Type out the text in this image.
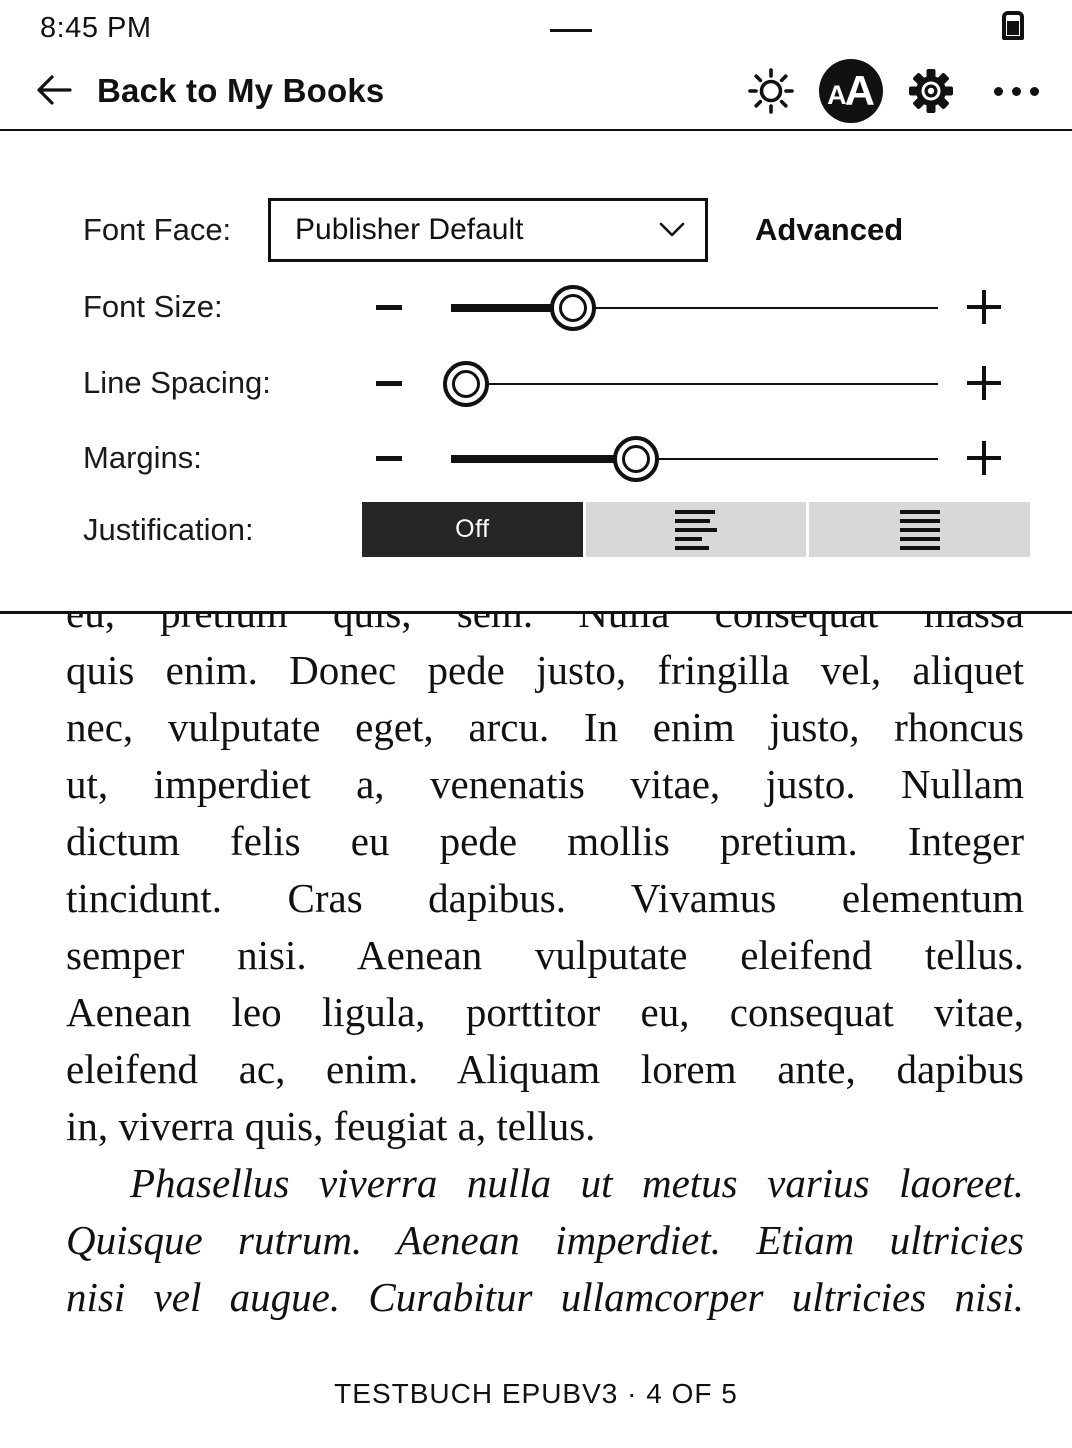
8:45 PM
Back to My Books	A
A
Font Face: Publisher Default	Advanced
Font Size:
Line Spacing:
Margins:
Justification:	Off
quis enim. Donec pede justo, fringilla vel, aliquet
nec, vulputate eget, arcu. In enim justo, rhoncus
ut, imperdiet a, venenatis vitae, justo. Nullam
dictum felis eu pede mollis pretium. Integer
tincidunt. Cras dapibus. Vivamus elementum
semper nisi. Aenean vulputate eleifend tellus.
Aenean leo ligula, porttitor eu, consequat vitae,
eleifend ac, enim. Aliquam lorem ante, dapibus
in, viverra quis, feugiat a, tellus.
Phasellus viverra nulla ut metus varius laoreet.
Quisque rutrum. Aenean imperdiet. Etiam ultricies
nisi vel augue. Curabitur ullamcorper ultricies nisi.
TESTBUCH EPUBV3 · 4 OF 5
